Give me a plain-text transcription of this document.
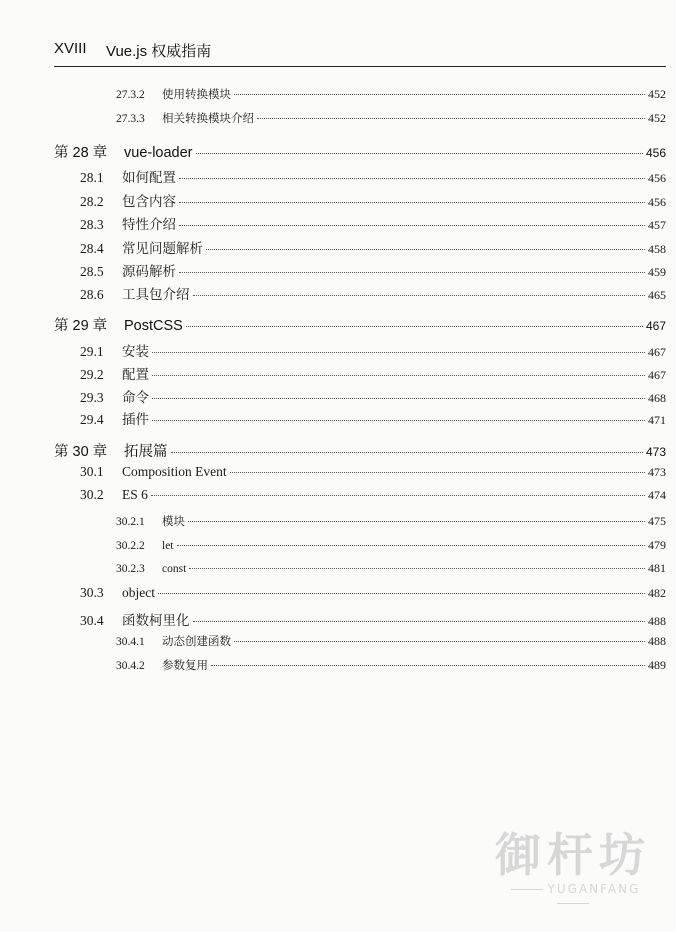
XVIII Vue.js 权威指南
27.3.2 使用转换模块	452
27.3.3 相关转换模块介绍	452
第 28 章	vue-loader	456
28.1	如何配置	456
28.2	包含内容	456
28.3	特性介绍	457
28.4	常见问题解析	458
28.5	源码解析	459
28.6	工具包介绍	465
第 29 章	PostCSS	467
29.1	安装	467
29.2	配置	467
29.3	命令	468
29.4	插件	471
第 30 章	拓展篇	473
30.1	Composition Event	473
30.2	ES 6	474
30.2.1 模块	475
30.2.2 let	479
30.2.3 const	481
30.3	object	482
30.4	函数柯里化	488
30.4.1 动态创建函数	488
30.4.2 参数复用	489
御杆坊
YUGANFANG
